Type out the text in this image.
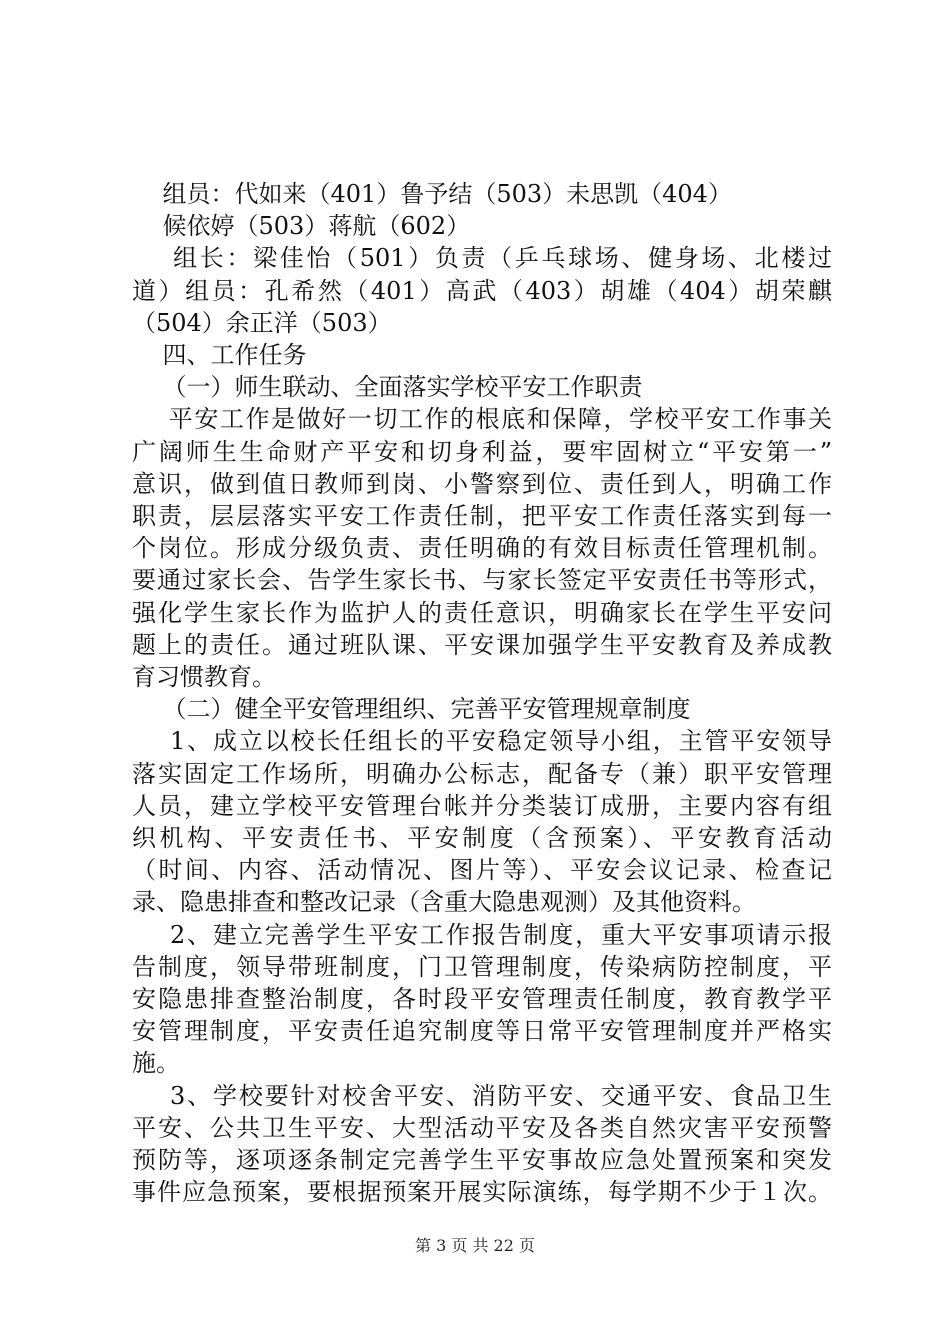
组员：代如来（401）鲁予结（503）未思凯（404）
候依婷（503）蒋航（602）
组长：梁佳怡（501）负责（乒乓球场、健身场、北楼过
道）组员：孔希然（401）高武（403）胡雄（404）胡荣麒
（504）余正洋（503）
四、工作任务
（一）师生联动、全面落实学校平安工作职责
平安工作是做好一切工作的根底和保障，学校平安工作事关
广阔师生生命财产平安和切身利益，要牢固树立“平安第一”
意识，做到值日教师到岗、小警察到位、责任到人，明确工作
职责，层层落实平安工作责任制，把平安工作责任落实到每一
个岗位。形成分级负责、责任明确的有效目标责任管理机制。
要通过家长会、告学生家长书、与家长签定平安责任书等形式，
强化学生家长作为监护人的责任意识，明确家长在学生平安问
题上的责任。通过班队课、平安课加强学生平安教育及养成教
育习惯教育。
（二）健全平安管理组织、完善平安管理规章制度
1、成立以校长任组长的平安稳定领导小组，主管平安领导
落实固定工作场所，明确办公标志，配备专（兼）职平安管理
人员，建立学校平安管理台帐并分类装订成册，主要内容有组
织机构、平安责任书、平安制度（含预案）、平安教育活动
（时间、内容、活动情况、图片等）、平安会议记录、检查记
录、隐患排查和整改记录（含重大隐患观测）及其他资料。
2、建立完善学生平安工作报告制度，重大平安事项请示报
告制度，领导带班制度，门卫管理制度，传染病防控制度，平
安隐患排查整治制度，各时段平安管理责任制度，教育教学平
安管理制度，平安责任追究制度等日常平安管理制度并严格实
施。
3、学校要针对校舍平安、消防平安、交通平安、食品卫生
平安、公共卫生平安、大型活动平安及各类自然灾害平安预警
预防等，逐项逐条制定完善学生平安事故应急处置预案和突发
事件应急预案，要根据预案开展实际演练，每学期不少于１次。
第 3 页 共 22 页
